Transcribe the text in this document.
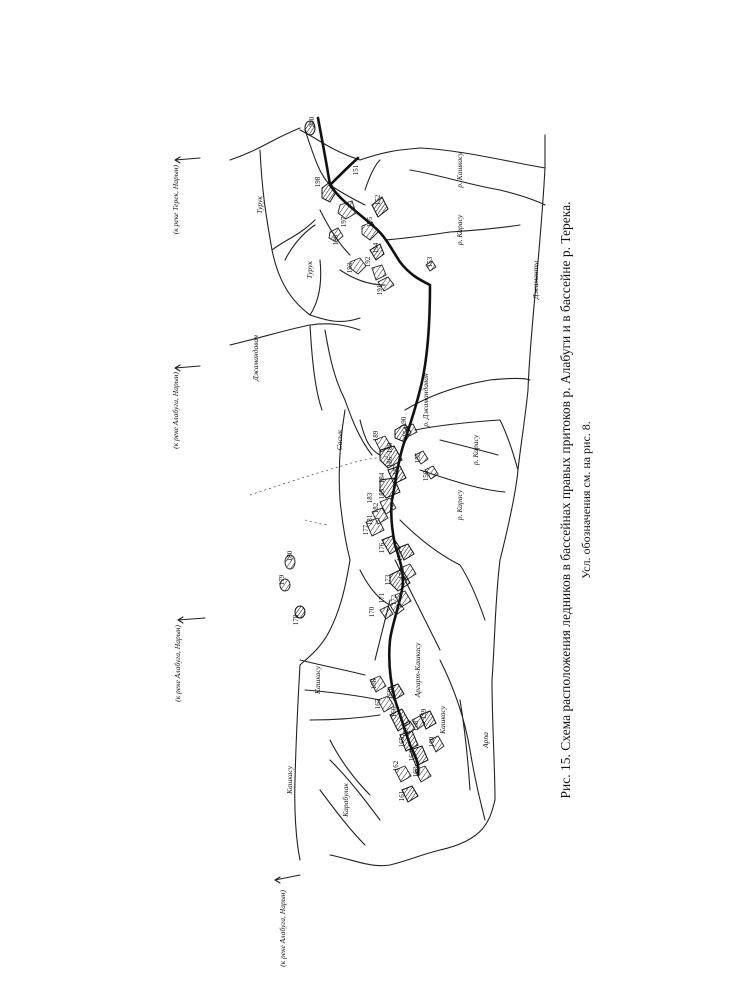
(к реке Терек, Нарын)	Турук
Турук
(к реке Алабуга, Нарын)
Джамандаван
Сасык
р. Карасу
Джаманты
р. Кашкасу
р. Джамандаван
р. Карасу
р. Карасу
(к реке Алабуга, Нарын)	Кашкасу	Аргарт-Кашкасу
Кашкасу
Арпа
Карабулак
Кашкасу
(к реке Алабуга, Нарын)
200
151
152
153
193
194
195
196
197
198
192
191
190
189
188
187
186
185
184
183
182
181
180
179
178
177
176
175
174
173
172
171
170
169
168
167
166
165
164
163
162
161
160
159
158
157
156
155
154	Рис. 15. Схема расположения ледников в бассейнах правых притоков р. Алабуги и в бассейне р. Терека. Усл. обозначения см. на рис. 8.
